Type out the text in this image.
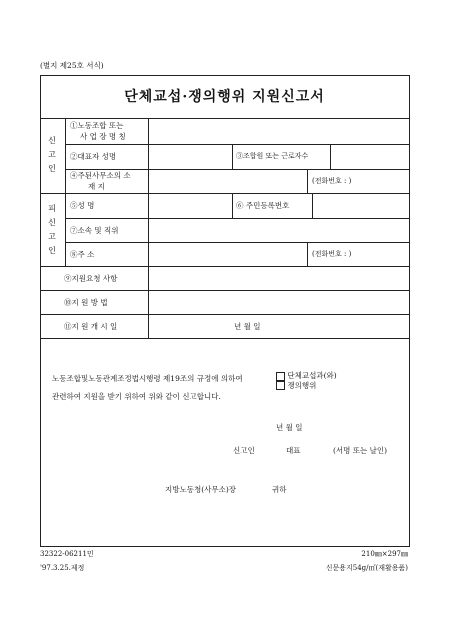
(별지 제25호 서식)
단체교섭·쟁의행위 지원신고서
신
고
인
①노동조합 또는
사 업 장 명 칭
②대표자 성명	③조합원 또는 근로자수
④주된사무소의 소
재 지
(전화번호 : )
피
신
고
인
⑤성 명	⑥ 주민등록번호
⑦소속 및 직위
⑧주 소	(전화번호 : )
⑨지원요청 사항
⑩지 원 방 법
⑪지 원 개 시 일	년 월 일
노동조합및노동관계조정법시행령 제19조의 규정에 의하여	단체교섭과(와)
쟁의행위
관련하여 지원을 받기 위하여 위와 같이 신고합니다.
년 월 일
신고인	대표	(서명 또는 날인)
지방노동청(사무소)장	귀하
32322-06211민
'97.3.25.제정
210㎜×297㎜
신문용지54g/㎡(재활용품)
